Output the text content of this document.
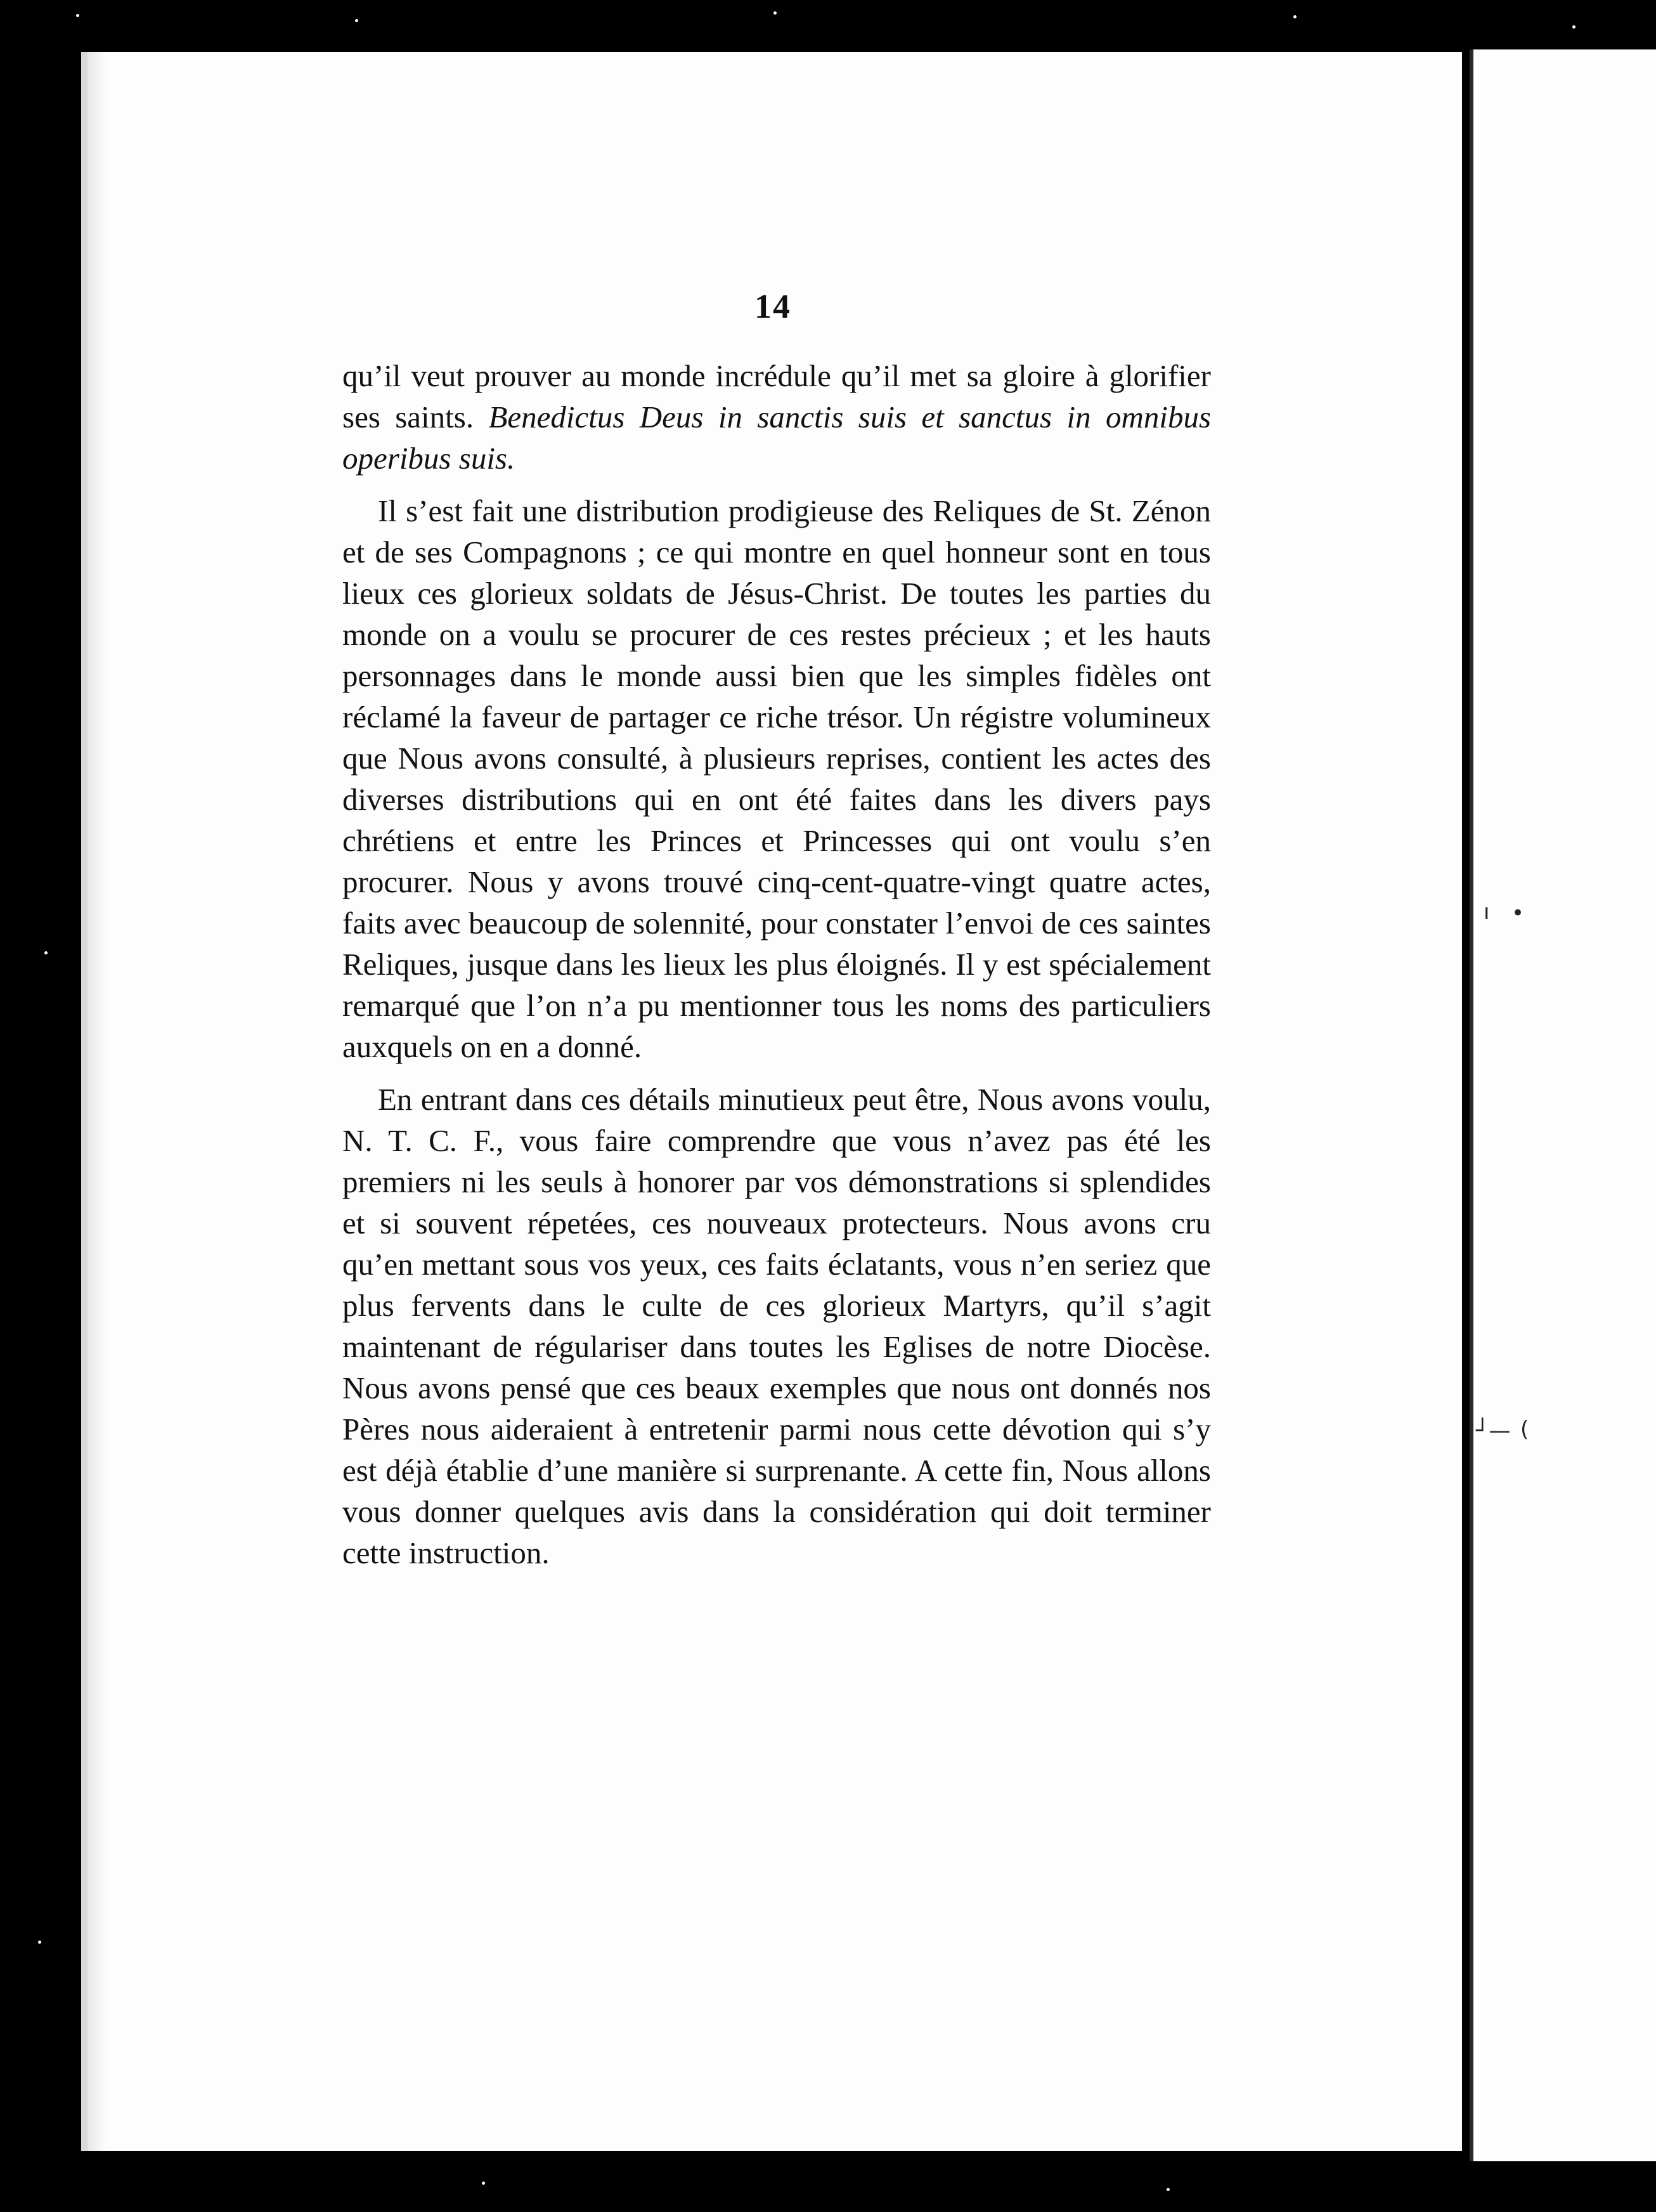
ı •
┘— (
14

qu’il veut prouver au monde incrédule qu’il met sa gloire à glorifier ses saints. Benedictus Deus in sanctis suis et sanctus in omnibus operibus suis.

Il s’est fait une distribution prodigieuse des Reliques de St. Zénon et de ses Compagnons ; ce qui montre en quel honneur sont en tous lieux ces glorieux soldats de Jésus-Christ. De toutes les parties du monde on a voulu se procurer de ces restes précieux ; et les hauts personnages dans le monde aussi bien que les simples fidèles ont réclamé la faveur de partager ce riche trésor. Un régistre volumineux que Nous avons consulté, à plusieurs reprises, contient les actes des diverses distributions qui en ont été faites dans les divers pays chrétiens et entre les Princes et Princesses qui ont voulu s’en procurer. Nous y avons trouvé cinq-cent-quatre-vingt quatre actes, faits avec beaucoup de solennité, pour constater l’envoi de ces saintes Reliques, jusque dans les lieux les plus éloignés. Il y est spécialement remarqué que l’on n’a pu mentionner tous les noms des particuliers auxquels on en a donné.

En entrant dans ces détails minutieux peut être, Nous avons voulu, N. T. C. F., vous faire comprendre que vous n’avez pas été les premiers ni les seuls à honorer par vos démonstrations si splendides et si souvent répetées, ces nouveaux protecteurs. Nous avons cru qu’en mettant sous vos yeux, ces faits éclatants, vous n’en seriez que plus fervents dans le culte de ces glorieux Martyrs, qu’il s’agit maintenant de régulariser dans toutes les Eglises de notre Diocèse. Nous avons pensé que ces beaux exemples que nous ont donnés nos Pères nous aideraient à entretenir parmi nous cette dévotion qui s’y est déjà établie d’une manière si surprenante. A cette fin, Nous allons vous donner quelques avis dans la considération qui doit terminer cette instruction.
